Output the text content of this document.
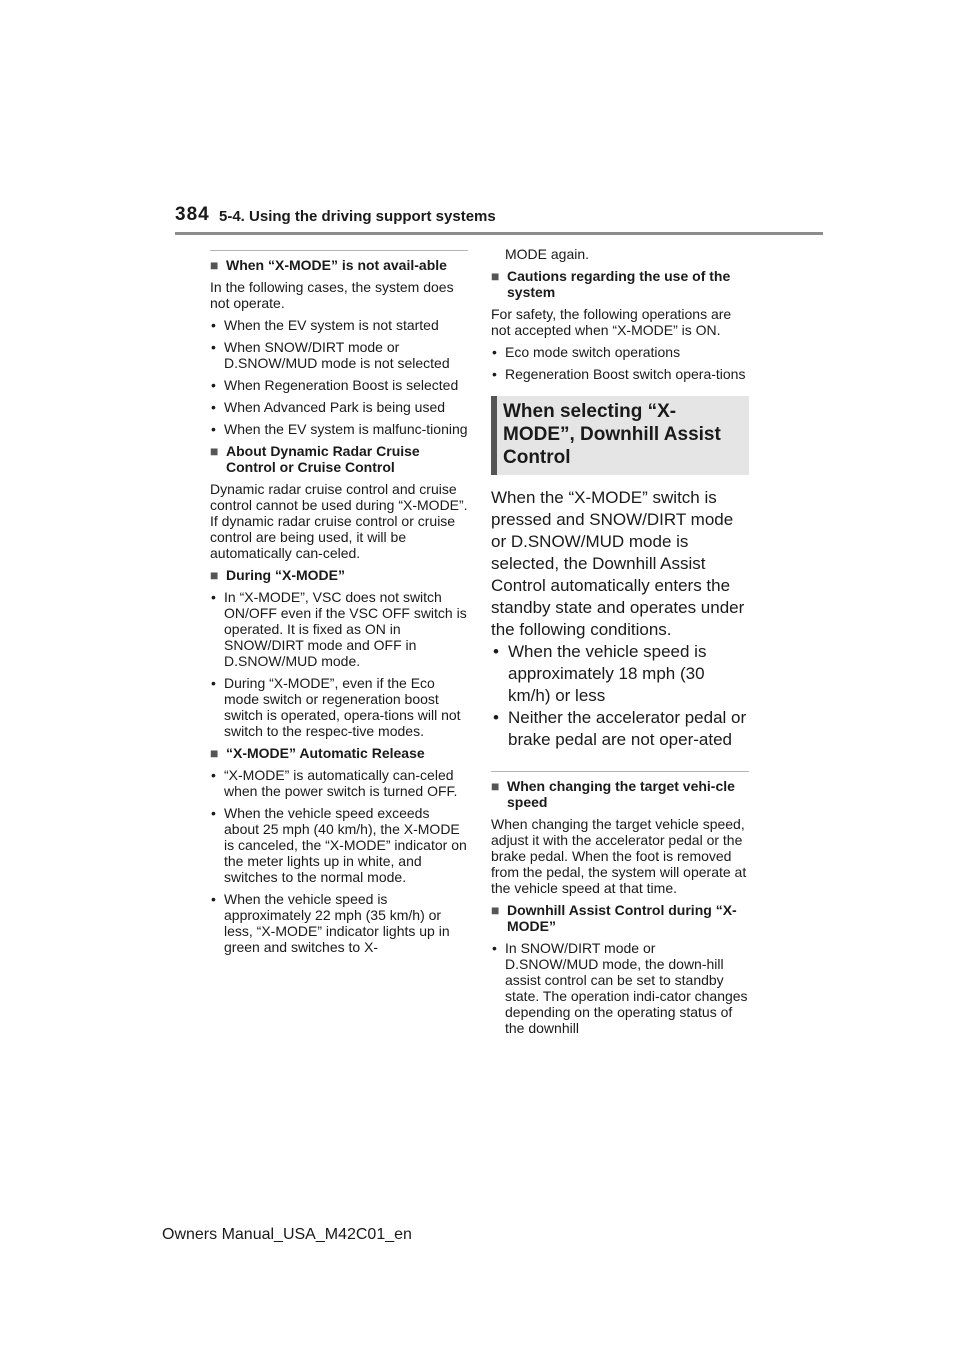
384 5-4. Using the driving support systems
■ When “X-MODE” is not avail-able
In the following cases, the system does not operate.
• When the EV system is not started
• When SNOW/DIRT mode or D.SNOW/MUD mode is not selected
• When Regeneration Boost is selected
• When Advanced Park is being used
• When the EV system is malfunc-tioning
■ About Dynamic Radar Cruise Control or Cruise Control
Dynamic radar cruise control and cruise control cannot be used during “X-MODE”. If dynamic radar cruise control or cruise control are being used, it will be automatically can-celed.
■ During “X-MODE”
• In “X-MODE”, VSC does not switch ON/OFF even if the VSC OFF switch is operated. It is fixed as ON in SNOW/DIRT mode and OFF in D.SNOW/MUD mode.
• During “X-MODE”, even if the Eco mode switch or regeneration boost switch is operated, opera-tions will not switch to the respec-tive modes.
■ “X-MODE” Automatic Release
• “X-MODE” is automatically can-celed when the power switch is turned OFF.
• When the vehicle speed exceeds about 25 mph (40 km/h), the X-MODE is canceled, the “X-MODE” indicator on the meter lights up in white, and switches to the normal mode.
• When the vehicle speed is approximately 22 mph (35 km/h) or less, “X-MODE” indicator lights up in green and switches to X-
MODE again.
■ Cautions regarding the use of the system
For safety, the following operations are not accepted when “X-MODE” is ON.
• Eco mode switch operations
• Regeneration Boost switch opera-tions
When selecting “X-MODE”, Downhill Assist Control

When the “X-MODE” switch is pressed and SNOW/DIRT mode or D.SNOW/MUD mode is selected, the Downhill Assist Control automatically enters the standby state and operates under the following conditions.

• When the vehicle speed is approximately 18 mph (30 km/h) or less
• Neither the accelerator pedal or brake pedal are not oper-ated
■ When changing the target vehi-cle speed
When changing the target vehicle speed, adjust it with the accelerator pedal or the brake pedal. When the foot is removed from the pedal, the system will operate at the vehicle speed at that time.
■ Downhill Assist Control during “X-MODE”
• In SNOW/DIRT mode or D.SNOW/MUD mode, the down-hill assist control can be set to standby state. The operation indi-cator changes depending on the operating status of the downhill
Owners Manual_USA_M42C01_en
